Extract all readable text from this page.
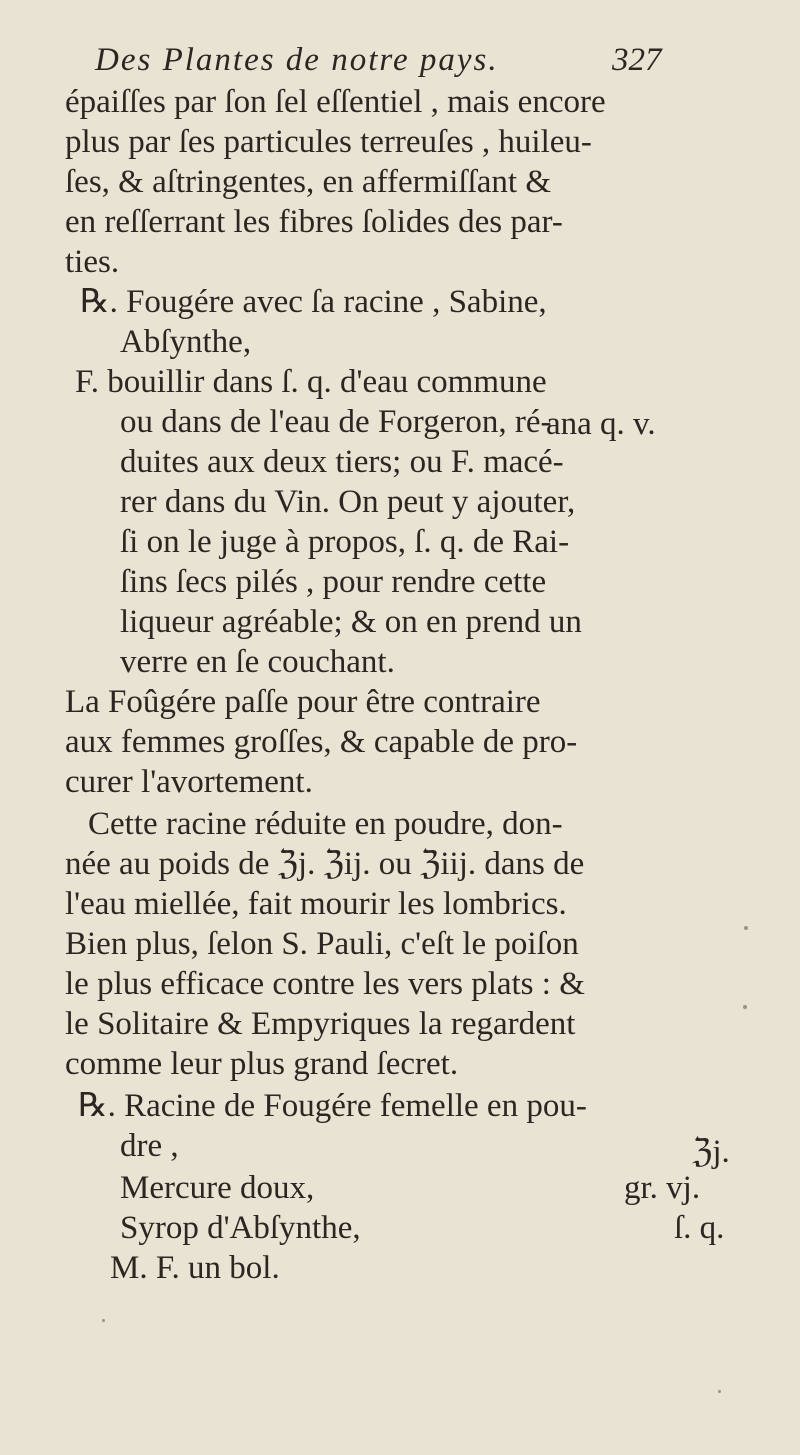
Des Plantes de notre pays.	327
épaiſſes par ſon ſel eſſentiel , mais encore
plus par ſes particules terreuſes , huileu-
ſes, & aſtringentes, en affermiſſant &
en reſſerrant les fibres ſolides des par-
ties.
℞. Fougére avec ſa racine , Sabine,
Abſynthe,
ana q. v.
F. bouillir dans ſ. q. d'eau commune
ou dans de l'eau de Forgeron, ré-
duites aux deux tiers; ou F. macé-
rer dans du Vin. On peut y ajouter,
ſi on le juge à propos, ſ. q. de Rai-
ſins ſecs pilés , pour rendre cette
liqueur agréable; & on en prend un
verre en ſe couchant.
La Foûgére paſſe pour être contraire
aux femmes groſſes, & capable de pro-
curer l'avortement.
Cette racine réduite en poudre, don-
née au poids de ℨj. ℨij. ou ℨiij. dans de
l'eau miellée, fait mourir les lombrics.
Bien plus, ſelon S. Pauli, c'eſt le poiſon
le plus efficace contre les vers plats : &
le Solitaire & Empyriques la regardent
comme leur plus grand ſecret.
℞. Racine de Fougére femelle en pou-
dre ,	ℨj.
Mercure doux,	gr. vj.
Syrop d'Abſynthe,	ſ. q.
M. F. un bol.
